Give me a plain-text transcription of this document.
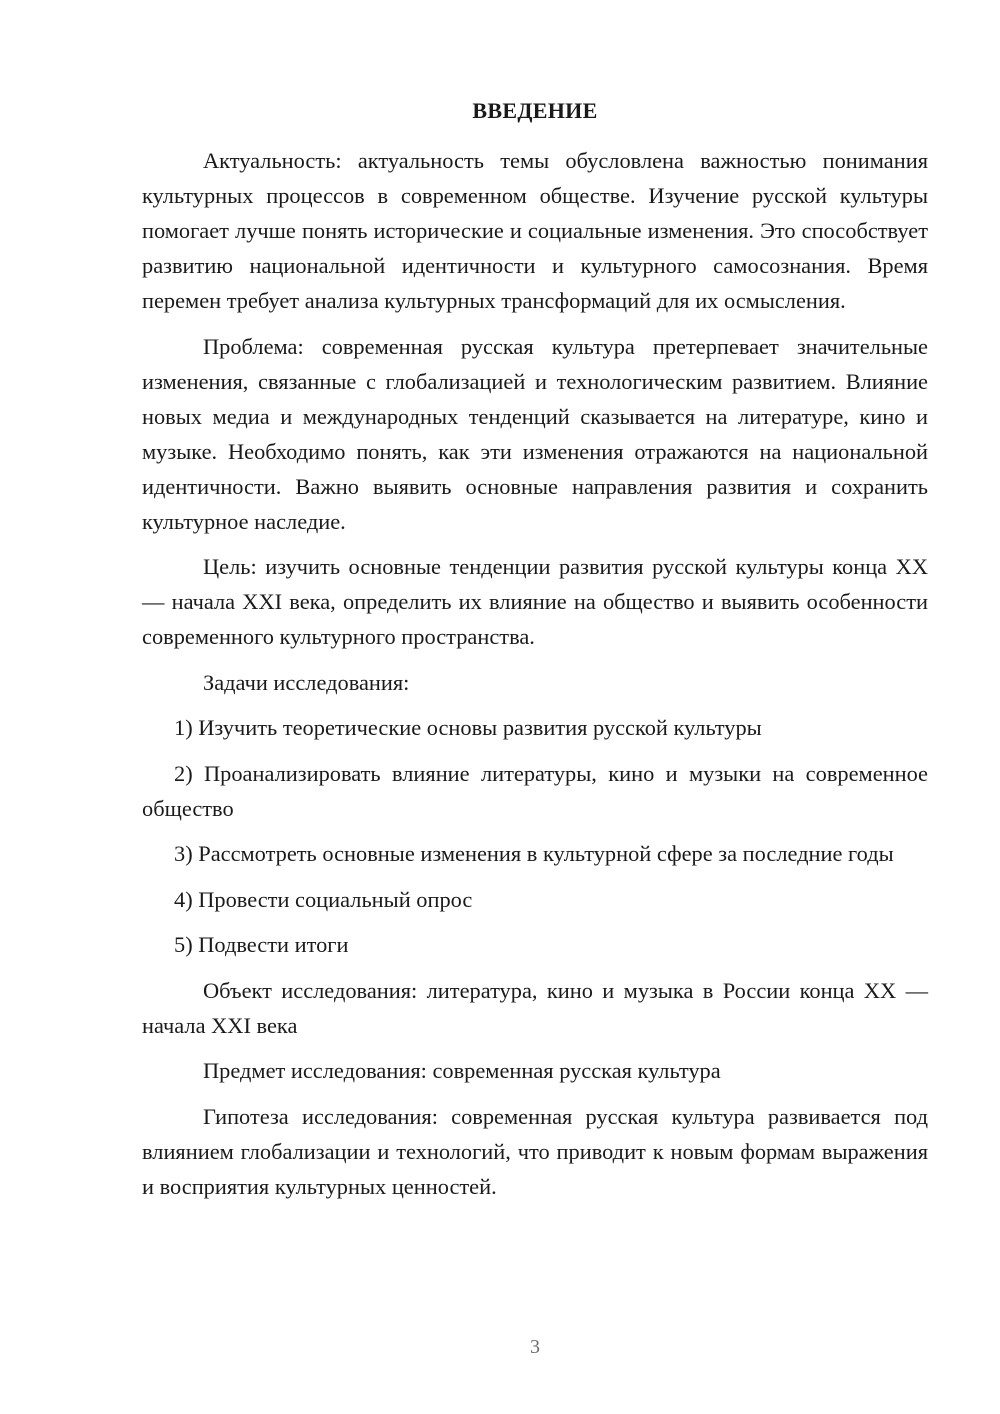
ВВЕДЕНИЕ

Актуальность: актуальность темы обусловлена важностью понимания культурных процессов в современном обществе. Изучение русской культуры помогает лучше понять исторические и социальные изменения. Это способствует развитию национальной идентичности и культурного самосознания. Время перемен требует анализа культурных трансформаций для их осмысления.

Проблема: современная русская культура претерпевает значительные изменения, связанные с глобализацией и технологическим развитием. Влияние новых медиа и международных тенденций сказывается на литературе, кино и музыке. Необходимо понять, как эти изменения отражаются на национальной идентичности. Важно выявить основные направления развития и сохранить культурное наследие.

Цель: изучить основные тенденции развития русской культуры конца XX — начала XXI века, определить их влияние на общество и выявить особенности современного культурного пространства.

Задачи исследования:

1) Изучить теоретические основы развития русской культуры

2) Проанализировать влияние литературы, кино и музыки на современное общество

3) Рассмотреть основные изменения в культурной сфере за последние годы

4) Провести социальный опрос

5) Подвести итоги

Объект исследования: литература, кино и музыка в России конца XX — начала XXI века

Предмет исследования: современная русская культура

Гипотеза исследования: современная русская культура развивается под влиянием глобализации и технологий, что приводит к новым формам выражения и восприятия культурных ценностей.

3
